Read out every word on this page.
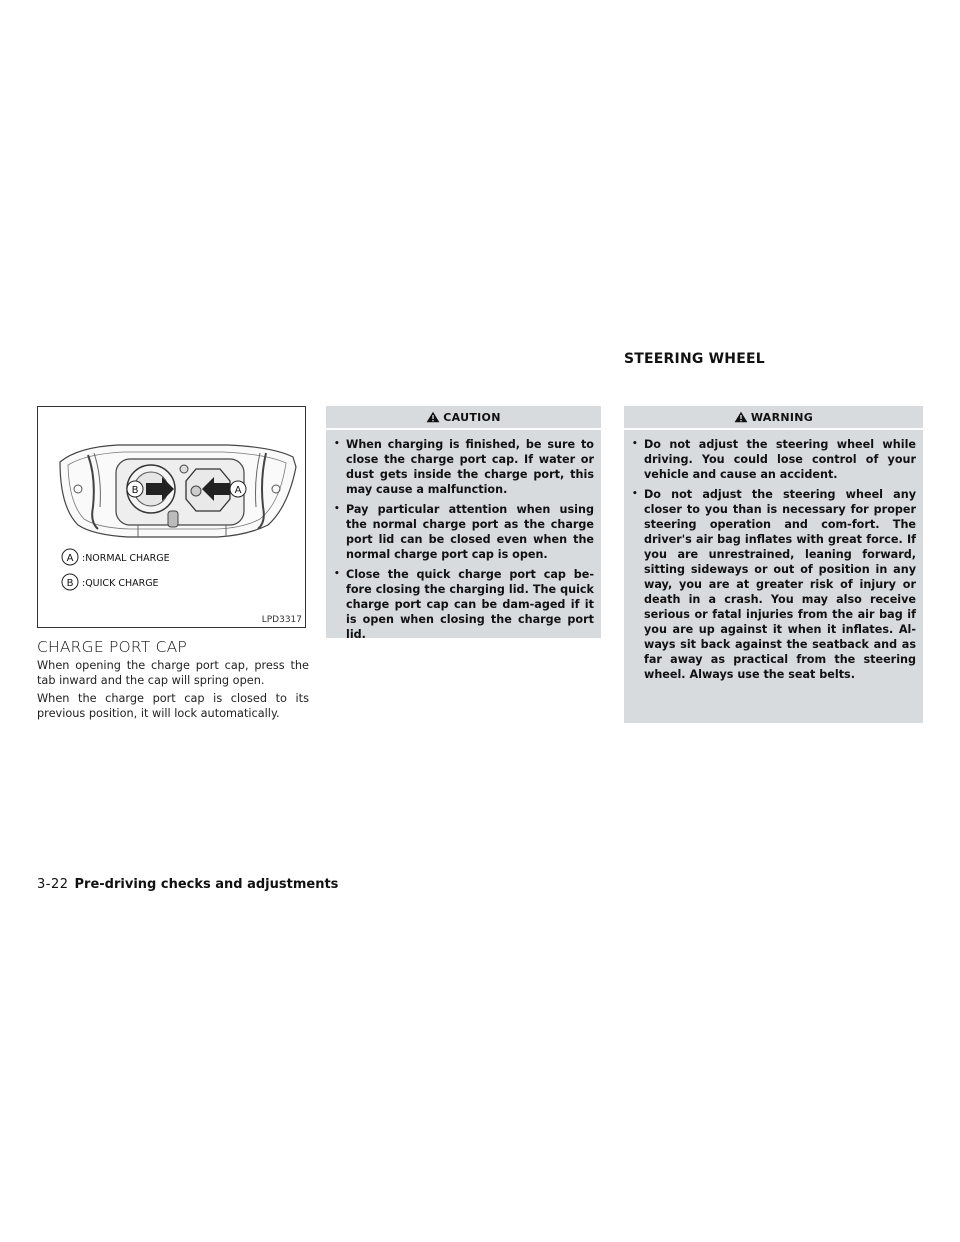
B	A
A :NORMAL CHARGE
B :QUICK CHARGE
LPD3317
CHARGE PORT CAP
When opening the charge port cap, press the tab inward and the cap will spring open.
When the charge port cap is closed to its previous position, it will lock automatically.
CAUTION
• When charging is finished, be sure to close the charge port cap. If water or dust gets inside the charge port, this may cause a malfunction.
• Pay particular attention when using the normal charge port as the charge port lid can be closed even when the normal charge port cap is open.
• Close the quick charge port cap be-fore closing the charging lid. The quick charge port cap can be dam-aged if it is open when closing the charge port lid.
STEERING WHEEL
WARNING
• Do not adjust the steering wheel while driving. You could lose control of your vehicle and cause an accident.
• Do not adjust the steering wheel any closer to you than is necessary for proper steering operation and com-fort. The driver's air bag inflates with great force. If you are unrestrained, leaning forward, sitting sideways or out of position in any way, you are at greater risk of injury or death in a crash. You may also receive serious or fatal injuries from the air bag if you are up against it when it inflates. Al-ways sit back against the seatback and as far away as practical from the steering wheel. Always use the seat belts.
3-22 Pre-driving checks and adjustments
